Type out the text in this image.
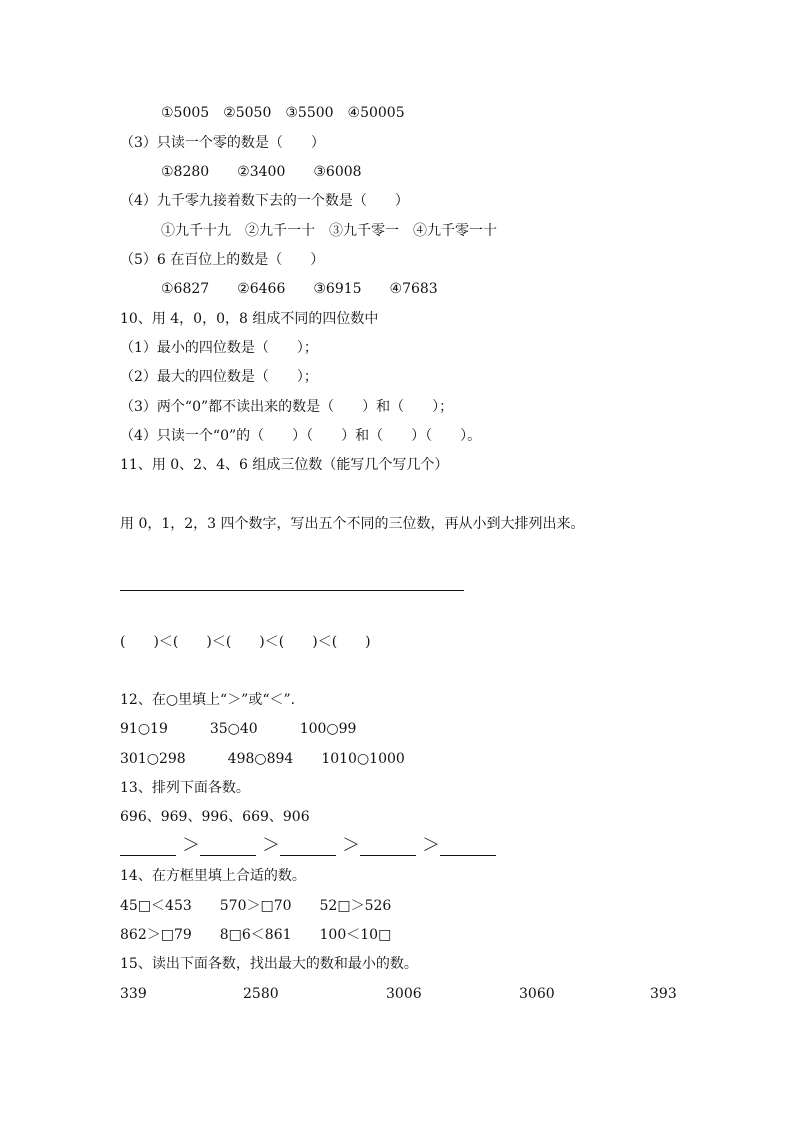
①5005　②5050　③5500　④50005
（3）只读一个零的数是（　　）
①8280　　②3400　　③6008
（4）九千零九接着数下去的一个数是（　　）
①九千十九　②九千一十　③九千零一　④九千零一十
（5）6 在百位上的数是（　　）
①6827　　②6466　　③6915　　④7683
10、用 4，0，0，8 组成不同的四位数中
（1）最小的四位数是（　　）；
（2）最大的四位数是（　　）；
（3）两个“0”都不读出来的数是（　　）和（　　）；
（4）只读一个“0”的（　　）（　　）和（　　）（　　）。
11、用 0、2、4、6 组成三位数（能写几个写几个）
用 0，1，2，3 四个数字，写出五个不同的三位数，再从小到大排列出来。
(　　)＜(　　)＜(　　)＜(　　)＜(　　)
12、在○里填上“＞”或“＜”.
91○19　　　35○40　　　100○99
301○298　　　498○894　　1010○1000
13、排列下面各数。
696、969、996、669、906
＞	＞	＞	＞
14、在方框里填上合适的数。
45□＜453　　570＞□70　　52□＞526
862＞□79　　8□6＜861　　100＜10□
15、读出下面各数，找出最大的数和最小的数。
339	2580	3006	3060	393
